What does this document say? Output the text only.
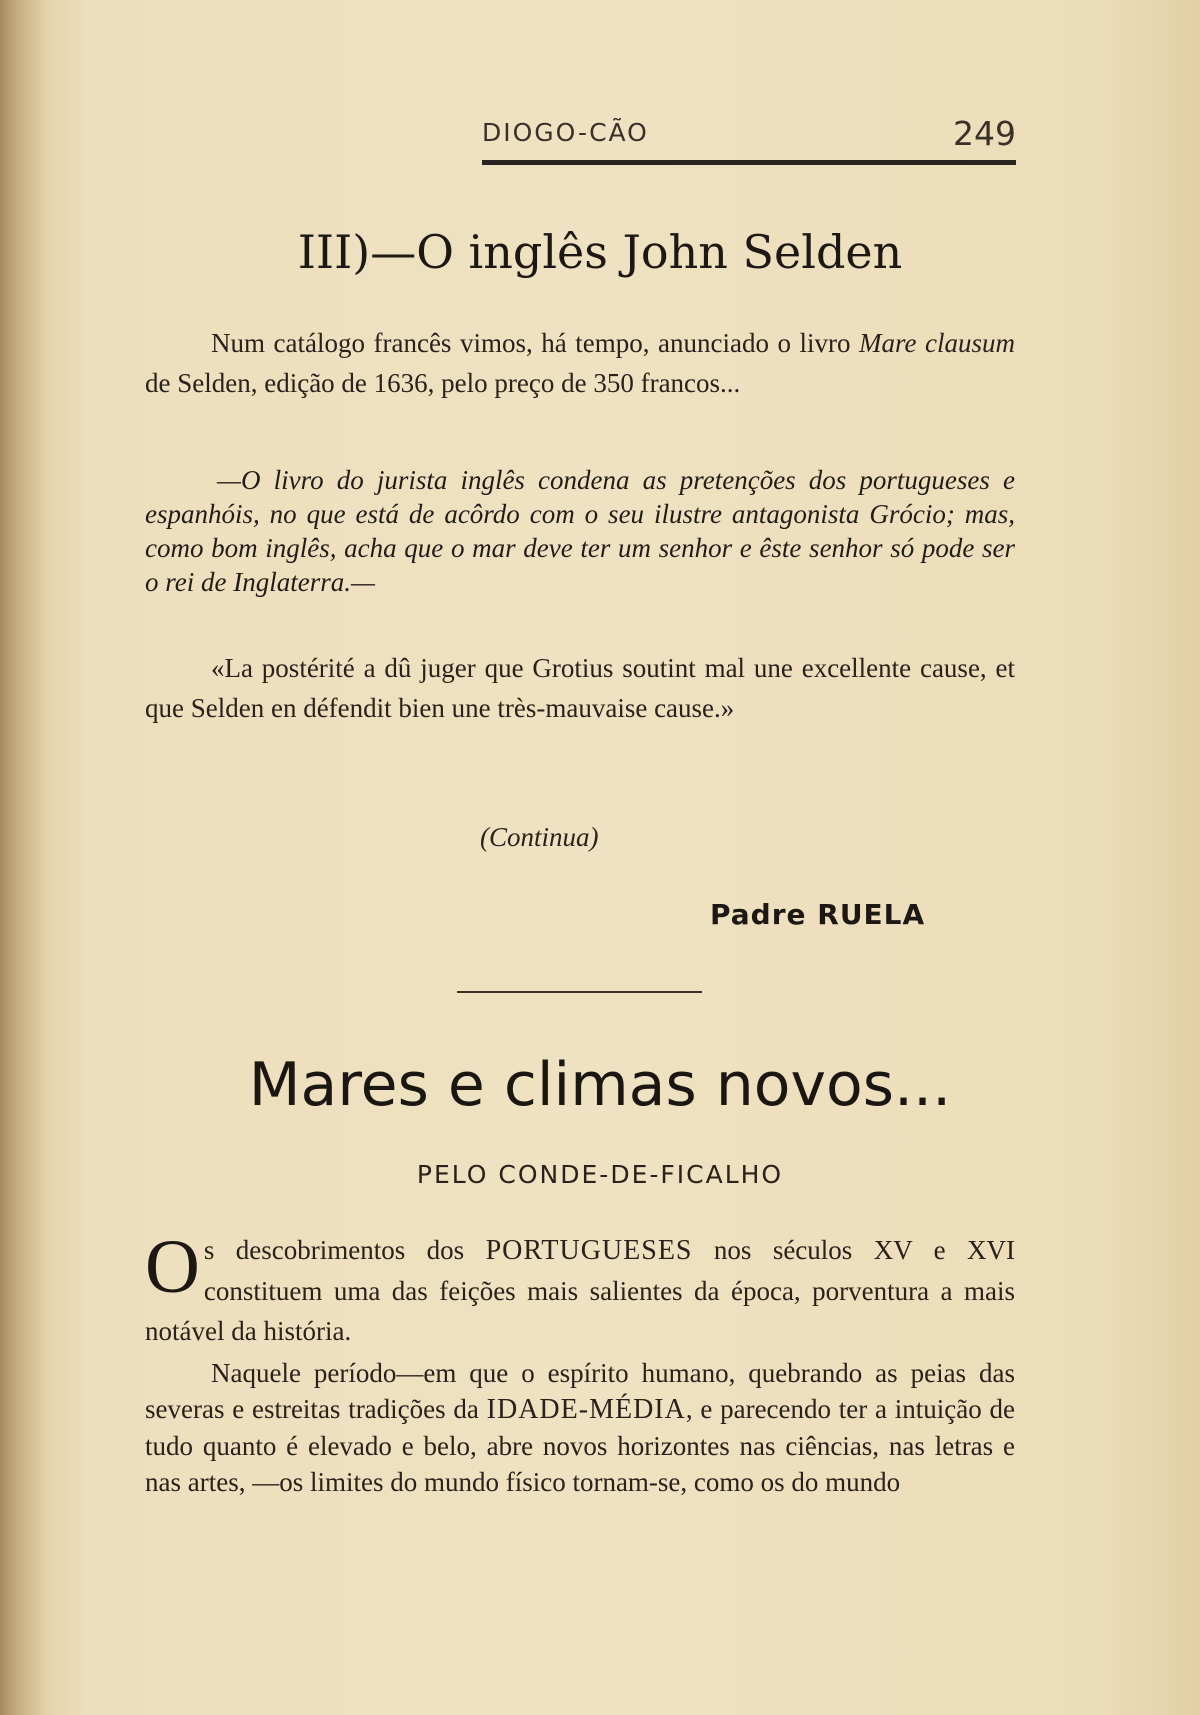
DIOGO-CÃO	249
III)—O inglês John Selden

Num catálogo francês vimos, há tempo, anunciado o livro Mare clausum de Selden, edição de 1636, pelo preço de 350 francos...

—O livro do jurista inglês condena as pretenções dos portugueses e espanhóis, no que está de acôrdo com o seu ilustre antagonista Grócio; mas, como bom inglês, acha que o mar deve ter um senhor e êste senhor só pode ser o rei de Inglaterra.—

«La postérité a dû juger que Grotius soutint mal une excellente cause, et que Selden en défendit bien une très-mauvaise cause.»

(Continua)
Padre RUELA
Mares e climas novos...
PELO CONDE-DE-FICALHO

Os descobrimentos dos PORTUGUESES nos séculos XV e XVI constituem uma das feições mais salientes da época, porventura a mais notável da história.

Naquele período—em que o espírito humano, quebrando as peias das severas e estreitas tradições da IDADE-MÉDIA, e parecendo ter a intuição de tudo quanto é elevado e belo, abre novos horizontes nas ciências, nas letras e nas artes, —os limites do mundo físico tornam-se, como os do mundo
